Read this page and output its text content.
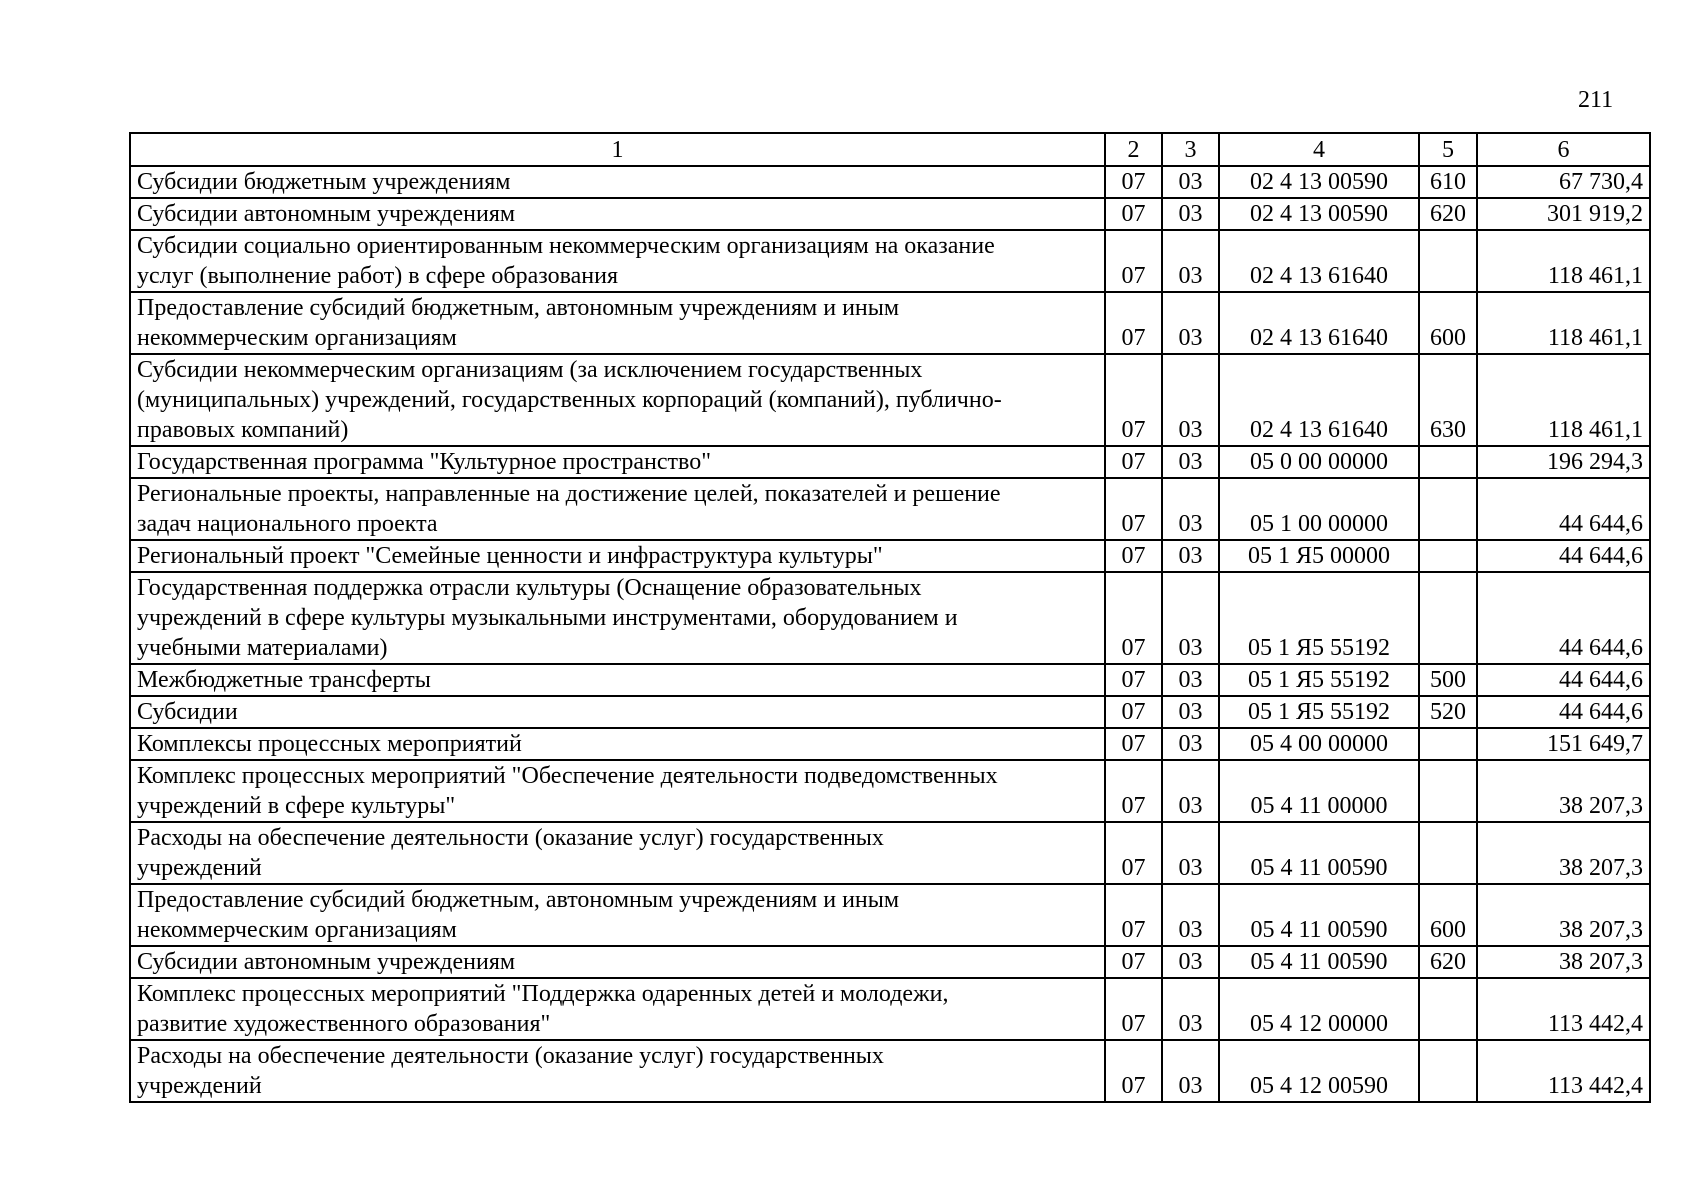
211
1	2	3	4	5	6
Субсидии бюджетным учреждениям	07	03	02 4 13 00590	610	67 730,4
Субсидии автономным учреждениям	07	03	02 4 13 00590	620	301 919,2
Субсидии социально ориентированным некоммерческим организациям на оказание
услуг (выполнение работ) в сфере образования	07	03	02 4 13 61640		118 461,1
Предоставление субсидий бюджетным, автономным учреждениям и иным
некоммерческим организациям	07	03	02 4 13 61640	600	118 461,1
Субсидии некоммерческим организациям (за исключением государственных
(муниципальных) учреждений, государственных корпораций (компаний), публично-
правовых компаний)	07	03	02 4 13 61640	630	118 461,1
Государственная программа "Культурное пространство"	07	03	05 0 00 00000		196 294,3
Региональные проекты, направленные на достижение целей, показателей и решение
задач национального проекта	07	03	05 1 00 00000		44 644,6
Региональный проект "Семейные ценности и инфраструктура культуры"	07	03	05 1 Я5 00000		44 644,6
Государственная поддержка отрасли культуры (Оснащение образовательных
учреждений в сфере культуры музыкальными инструментами, оборудованием и
учебными материалами)	07	03	05 1 Я5 55192		44 644,6
Межбюджетные трансферты	07	03	05 1 Я5 55192	500	44 644,6
Субсидии	07	03	05 1 Я5 55192	520	44 644,6
Комплексы процессных мероприятий	07	03	05 4 00 00000		151 649,7
Комплекс процессных мероприятий "Обеспечение деятельности подведомственных
учреждений в сфере культуры"	07	03	05 4 11 00000		38 207,3
Расходы на обеспечение деятельности (оказание услуг) государственных
учреждений	07	03	05 4 11 00590		38 207,3
Предоставление субсидий бюджетным, автономным учреждениям и иным
некоммерческим организациям	07	03	05 4 11 00590	600	38 207,3
Субсидии автономным учреждениям	07	03	05 4 11 00590	620	38 207,3
Комплекс процессных мероприятий "Поддержка одаренных детей и молодежи,
развитие художественного образования"	07	03	05 4 12 00000		113 442,4
Расходы на обеспечение деятельности (оказание услуг) государственных
учреждений	07	03	05 4 12 00590		113 442,4
